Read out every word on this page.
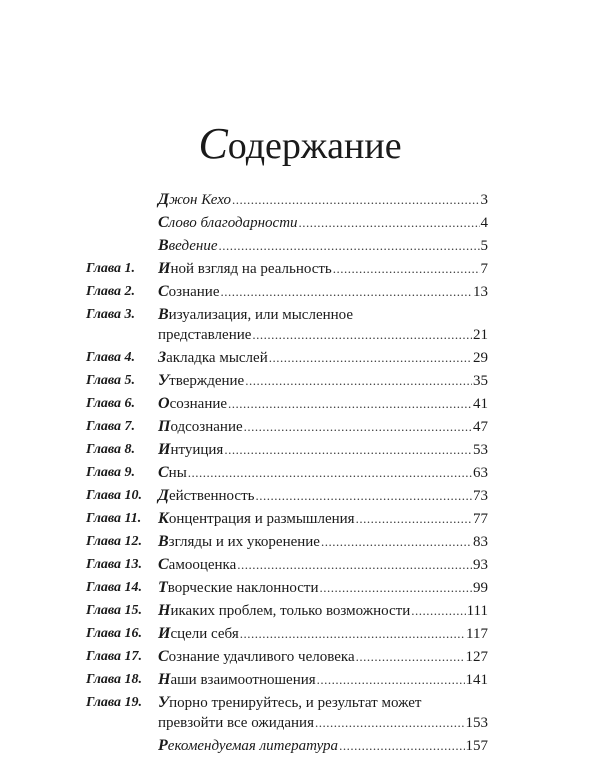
Содержание
Джон Кехо .....	3
Слово благодарности .....	4
Введение .....	5
Глава 1.	Иной взгляд на реальность .....	7
Глава 2.	Сознание .....	13
Глава 3.	Визуализация, или мысленное
представление .....	21
Глава 4.	Закладка мыслей .....	29
Глава 5.	Утверждение .....	35
Глава 6.	Осознание .....	41
Глава 7.	Подсознание .....	47
Глава 8.	Интуиция .....	53
Глава 9.	Сны .....	63
Глава 10. Действенность .....	73
Глава 11.	Концентрация и размышления .....	77
Глава 12. Взгляды и их укоренение .....	83
Глава 13. Самооценка .....	93
Глава 14. Творческие наклонности .....	99
Глава 15. Никаких проблем, только возможности .....	111
Глава 16. Исцели себя .....	117
Глава 17. Сознание удачливого человека .....	127
Глава 18. Наши взаимоотношения .....	141
Глава 19. Упорно тренируйтесь, и результат может
превзойти все ожидания .....	153
Рекомендуемая литература .....	157
